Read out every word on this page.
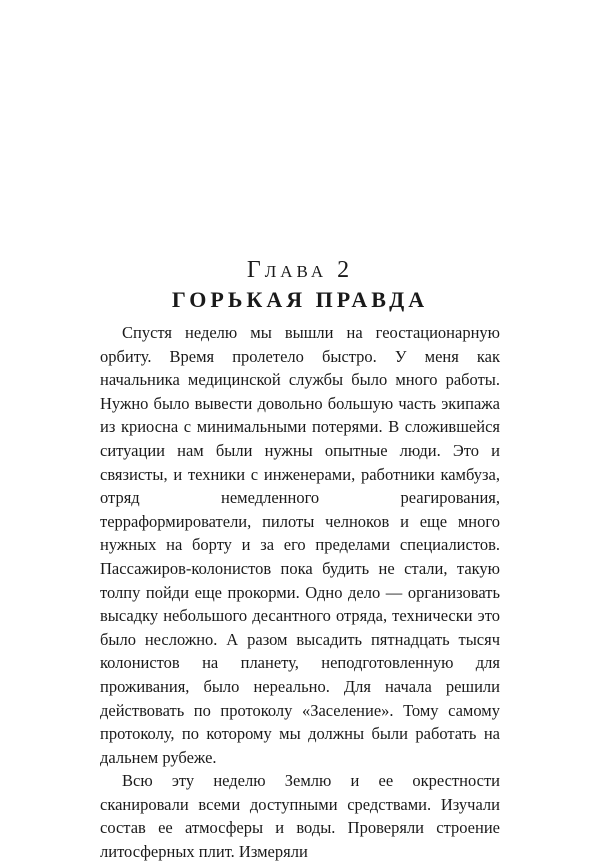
Глава 2
ГОРЬКАЯ ПРАВДА

Спустя неделю мы вышли на геостационарную орбиту. Время пролетело быстро. У меня как начальника медицинской службы было много работы. Нужно было вывести довольно большую часть экипажа из криосна с минимальными потерями. В сложившейся ситуации нам были нужны опытные люди. Это и связисты, и техники с инженерами, работники камбуза, отряд немедленного реагирования, терраформирователи, пилоты челноков и еще много нужных на борту и за его пределами специалистов. Пассажиров-колонистов пока будить не стали, такую толпу пойди еще прокорми. Одно дело — организовать высадку небольшого десантного отряда, технически это было несложно. А разом высадить пятнадцать тысяч колонистов на планету, неподготовленную для проживания, было нереально. Для начала решили действовать по протоколу «Заселение». Тому самому протоколу, по которому мы должны были работать на дальнем рубеже.

Всю эту неделю Землю и ее окрестности сканировали всеми доступными средствами. Изучали состав ее атмосферы и воды. Проверяли строение литосферных плит. Измеряли
